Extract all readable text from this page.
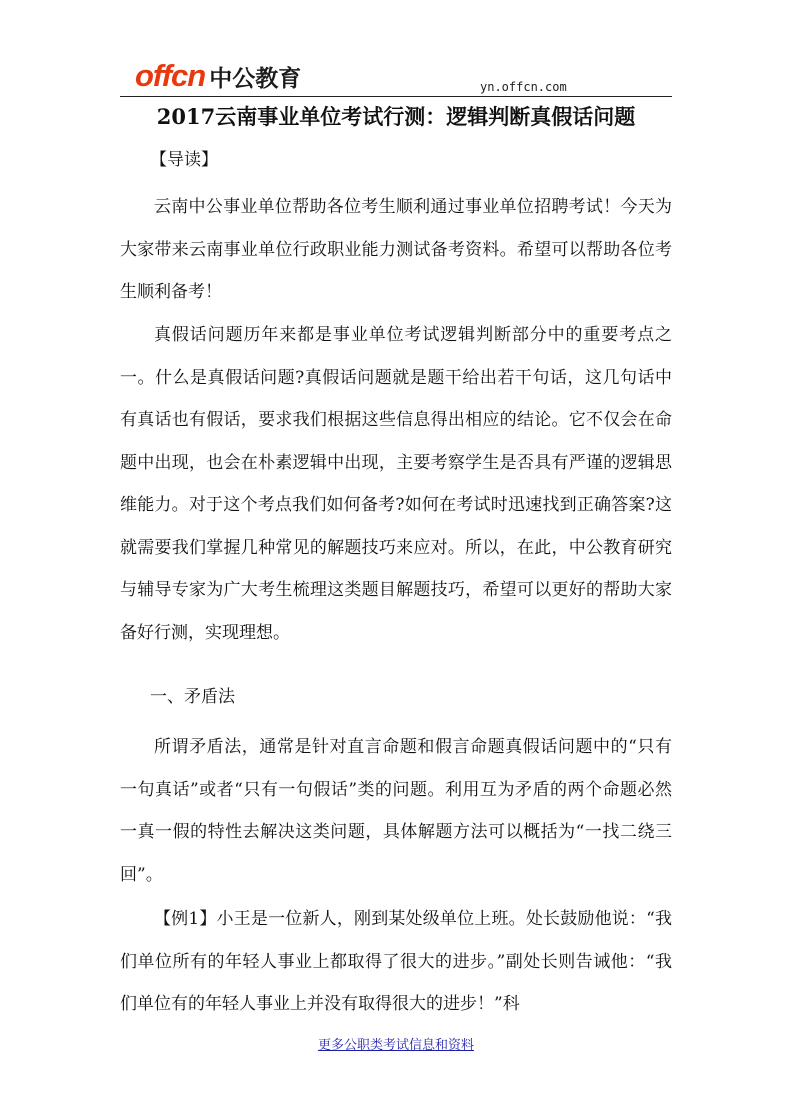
offcn 中公教育	yn.offcn.com
2017云南事业单位考试行测：逻辑判断真假话问题
【导读】

云南中公事业单位帮助各位考生顺利通过事业单位招聘考试！今天为大家带来云南事业单位行政职业能力测试备考资料。希望可以帮助各位考生顺利备考！

真假话问题历年来都是事业单位考试逻辑判断部分中的重要考点之一。什么是真假话问题?真假话问题就是题干给出若干句话，这几句话中有真话也有假话，要求我们根据这些信息得出相应的结论。它不仅会在命题中出现，也会在朴素逻辑中出现，主要考察学生是否具有严谨的逻辑思维能力。对于这个考点我们如何备考?如何在考试时迅速找到正确答案?这就需要我们掌握几种常见的解题技巧来应对。所以，在此，中公教育研究与辅导专家为广大考生梳理这类题目解题技巧，希望可以更好的帮助大家备好行测，实现理想。

一、矛盾法

所谓矛盾法，通常是针对直言命题和假言命题真假话问题中的“只有一句真话”或者“只有一句假话”类的问题。利用互为矛盾的两个命题必然一真一假的特性去解决这类问题，具体解题方法可以概括为“一找二绕三回”。

【例1】小王是一位新人，刚到某处级单位上班。处长鼓励他说：“我们单位所有的年轻人事业上都取得了很大的进步。”副处长则告诫他：“我们单位有的年轻人事业上并没有取得很大的进步！”科

更多公职类考试信息和资料
